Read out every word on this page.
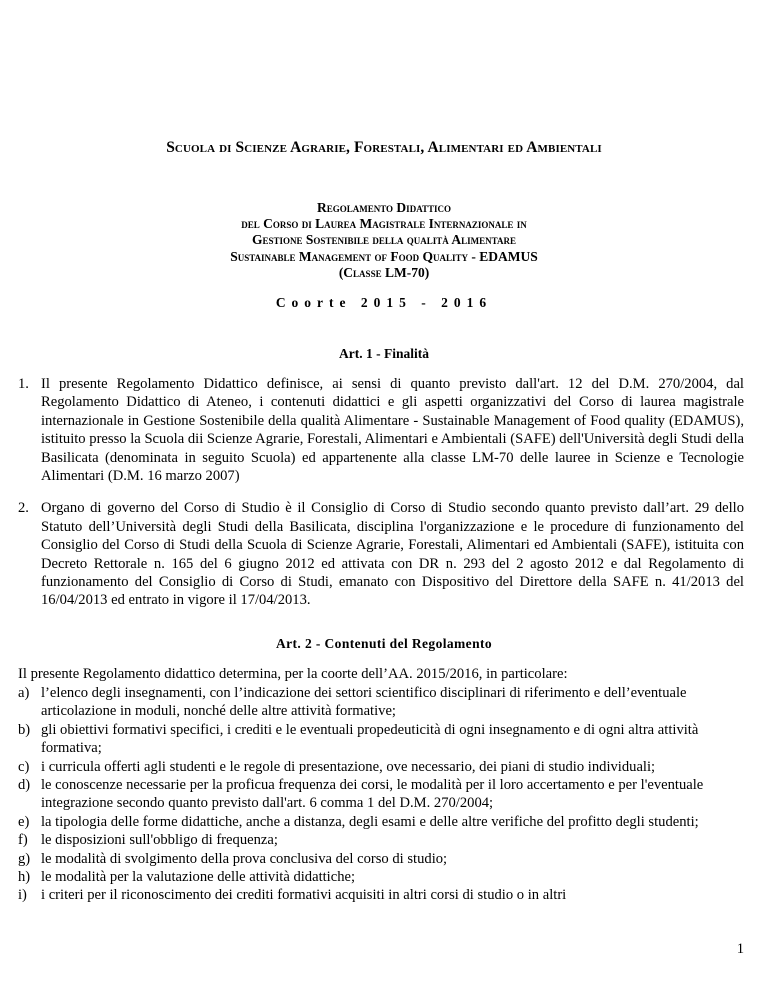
Scuola di Scienze Agrarie, Forestali, Alimentari ed Ambientali
Regolamento Didattico
del Corso di Laurea Magistrale Internazionale in
Gestione Sostenibile della qualità Alimentare
Sustainable Management of Food Quality - EDAMUS
(Classe LM-70)
Coorte 2015 - 2016
Art. 1 - Finalità
1. Il presente Regolamento Didattico definisce, ai sensi di quanto previsto dall'art. 12 del D.M. 270/2004, dal Regolamento Didattico di Ateneo, i contenuti didattici e gli aspetti organizzativi del Corso di laurea magistrale internazionale in Gestione Sostenibile della qualità Alimentare - Sustainable Management of Food quality (EDAMUS), istituito presso la Scuola dii Scienze Agrarie, Forestali, Alimentari e Ambientali (SAFE) dell'Università degli Studi della Basilicata (denominata in seguito Scuola) ed appartenente alla classe LM-70 delle lauree in Scienze e Tecnologie Alimentari (D.M. 16 marzo 2007)
2. Organo di governo del Corso di Studio è il Consiglio di Corso di Studio secondo quanto previsto dall’art. 29 dello Statuto dell’Università degli Studi della Basilicata, disciplina l'organizzazione e le procedure di funzionamento del Consiglio del Corso di Studi della Scuola di Scienze Agrarie, Forestali, Alimentari ed Ambientali (SAFE), istituita con Decreto Rettorale n. 165 del 6 giugno 2012 ed attivata con DR n. 293 del 2 agosto 2012 e dal Regolamento di funzionamento del Consiglio di Corso di Studi, emanato con Dispositivo del Direttore della SAFE n. 41/2013 del 16/04/2013 ed entrato in vigore il 17/04/2013.
Art. 2 - Contenuti del Regolamento

Il presente Regolamento didattico determina, per la coorte dell’AA. 2015/2016, in particolare:

a) l’elenco degli insegnamenti, con l’indicazione dei settori scientifico disciplinari di riferimento e dell’eventuale articolazione in moduli, nonché delle altre attività formative;
b) gli obiettivi formativi specifici, i crediti e le eventuali propedeuticità di ogni insegnamento e di ogni altra attività formativa;
c) i curricula offerti agli studenti e le regole di presentazione, ove necessario, dei piani di studio individuali;
d) le conoscenze necessarie per la proficua frequenza dei corsi, le modalità per il loro accertamento e per l'eventuale integrazione secondo quanto previsto dall'art. 6 comma 1 del D.M. 270/2004;
e) la tipologia delle forme didattiche, anche a distanza, degli esami e delle altre verifiche del profitto degli studenti;
f) le disposizioni sull'obbligo di frequenza;
g) le modalità di svolgimento della prova conclusiva del corso di studio;
h) le modalità per la valutazione delle attività didattiche;
i) i criteri per il riconoscimento dei crediti formativi acquisiti in altri corsi di studio o in altri
1
